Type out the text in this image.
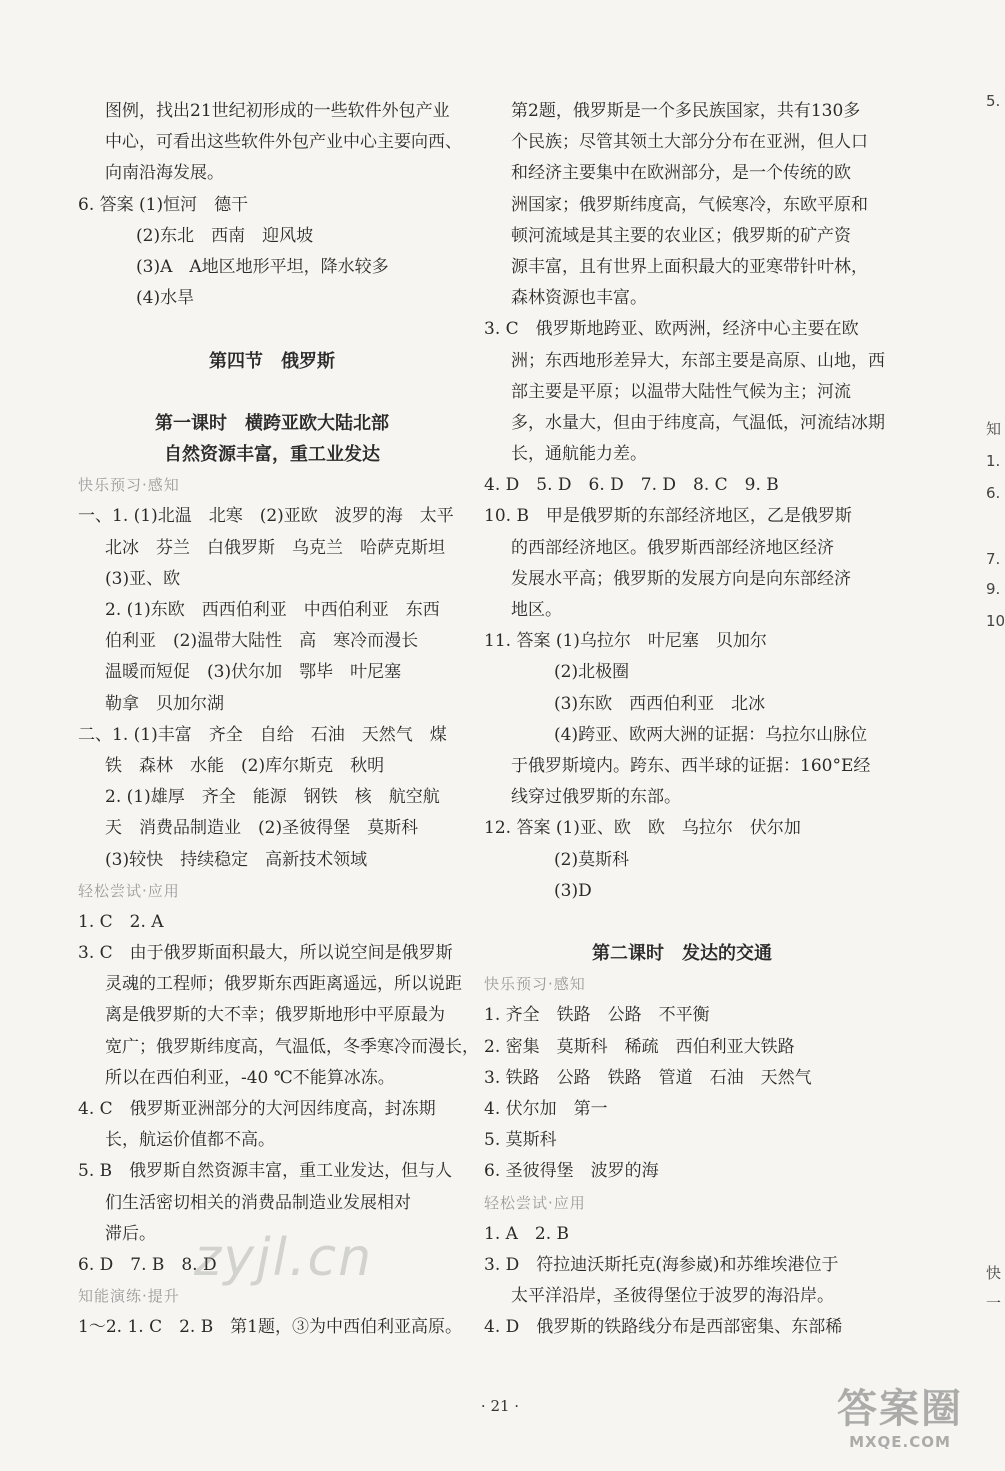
图例，找出21世纪初形成的一些软件外包产业
中心，可看出这些软件外包产业中心主要向西、
向南沿海发展。
6. 答案 (1)恒河　德干
(2)东北　西南　迎风坡
(3)A　A地区地形平坦，降水较多
(4)水旱
第四节　俄罗斯
第一课时　横跨亚欧大陆北部
自然资源丰富，重工业发达
快乐预习·感知
一、1. (1)北温　北寒　(2)亚欧　波罗的海　太平
北冰　芬兰　白俄罗斯　乌克兰　哈萨克斯坦
(3)亚、欧
2. (1)东欧　西西伯利亚　中西伯利亚　东西
伯利亚　(2)温带大陆性　高　寒冷而漫长
温暖而短促　(3)伏尔加　鄂毕　叶尼塞
勒拿　贝加尔湖
二、1. (1)丰富　齐全　自给　石油　天然气　煤
铁　森林　水能　(2)库尔斯克　秋明
2. (1)雄厚　齐全　能源　钢铁　核　航空航
天　消费品制造业　(2)圣彼得堡　莫斯科
(3)较快　持续稳定　高新技术领域
轻松尝试·应用
1. C　2. A
3. C　由于俄罗斯面积最大，所以说空间是俄罗斯
灵魂的工程师；俄罗斯东西距离遥远，所以说距
离是俄罗斯的大不幸；俄罗斯地形中平原最为
宽广；俄罗斯纬度高，气温低，冬季寒冷而漫长，
所以在西伯利亚，-40 ℃不能算冰冻。
4. C　俄罗斯亚洲部分的大河因纬度高，封冻期
长，航运价值都不高。
5. B　俄罗斯自然资源丰富，重工业发达，但与人
们生活密切相关的消费品制造业发展相对
滞后。
6. D　7. B　8. D
知能演练·提升
1～2. 1. C　2. B　第1题，③为中西伯利亚高原。
第2题，俄罗斯是一个多民族国家，共有130多
个民族；尽管其领土大部分分布在亚洲，但人口
和经济主要集中在欧洲部分，是一个传统的欧
洲国家；俄罗斯纬度高，气候寒冷，东欧平原和
顿河流域是其主要的农业区；俄罗斯的矿产资
源丰富，且有世界上面积最大的亚寒带针叶林，
森林资源也丰富。
3. C　俄罗斯地跨亚、欧两洲，经济中心主要在欧
洲；东西地形差异大，东部主要是高原、山地，西
部主要是平原；以温带大陆性气候为主；河流
多，水量大，但由于纬度高，气温低，河流结冰期
长，通航能力差。
4. D　5. D　6. D　7. D　8. C　9. B
10. B　甲是俄罗斯的东部经济地区，乙是俄罗斯
的西部经济地区。俄罗斯西部经济地区经济
发展水平高；俄罗斯的发展方向是向东部经济
地区。
11. 答案 (1)乌拉尔　叶尼塞　贝加尔
(2)北极圈
(3)东欧　西西伯利亚　北冰
(4)跨亚、欧两大洲的证据：乌拉尔山脉位
于俄罗斯境内。跨东、西半球的证据：160°E经
线穿过俄罗斯的东部。
12. 答案 (1)亚、欧　欧　乌拉尔　伏尔加
(2)莫斯科
(3)D
第二课时　发达的交通
快乐预习·感知
1. 齐全　铁路　公路　不平衡
2. 密集　莫斯科　稀疏　西伯利亚大铁路
3. 铁路　公路　铁路　管道　石油　天然气
4. 伏尔加　第一
5. 莫斯科
6. 圣彼得堡　波罗的海
轻松尝试·应用
1. A　2. B
3. D　符拉迪沃斯托克(海参崴)和苏维埃港位于
太平洋沿岸，圣彼得堡位于波罗的海沿岸。
4. D　俄罗斯的铁路线分布是西部密集、东部稀
· 21 ·
5.
知
1.
6.
7.
9.
10
快
一
zyjl.cn
答案圈
MXQE.COM
